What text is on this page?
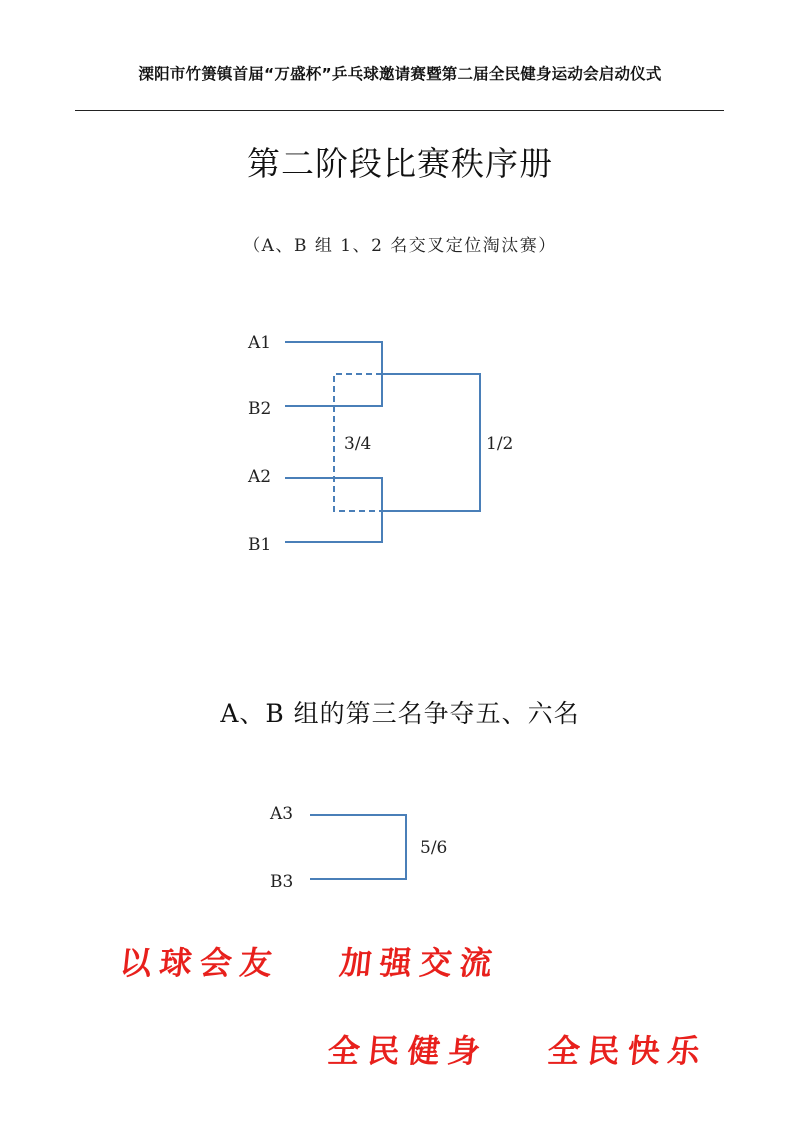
溧阳市竹箦镇首届“万盛杯”乒乓球邀请赛暨第二届全民健身运动会启动仪式
第二阶段比赛秩序册
（A、B 组 1、2 名交叉定位淘汰赛）
A1
B2
A2
B1
3/4	1/2
A、B 组的第三名争夺五、六名
A3
B3
5/6
以球会友 加强交流
全民健身 全民快乐
